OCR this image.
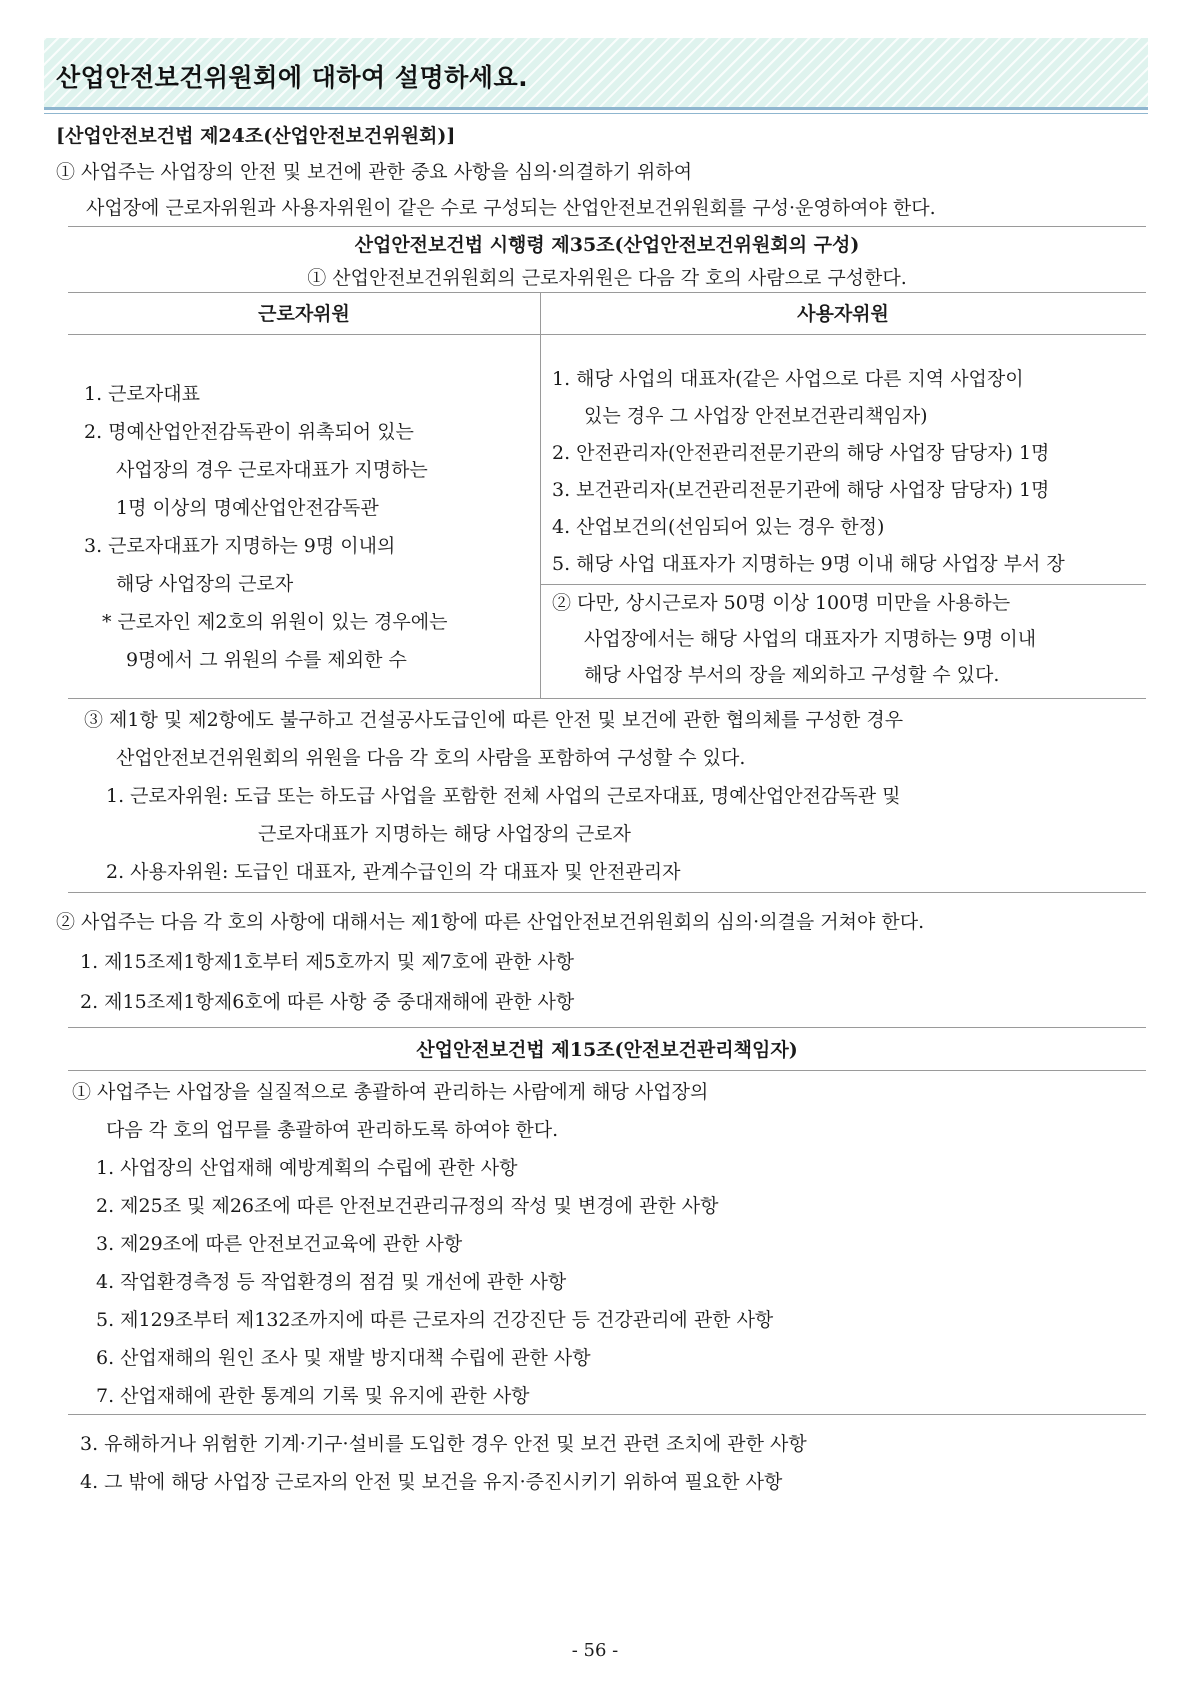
산업안전보건위원회에 대하여 설명하세요.
[산업안전보건법 제24조(산업안전보건위원회)]
① 사업주는 사업장의 안전 및 보건에 관한 중요 사항을 심의·의결하기 위하여
사업장에 근로자위원과 사용자위원이 같은 수로 구성되는 산업안전보건위원회를 구성·운영하여야 한다.
산업안전보건법 시행령 제35조(산업안전보건위원회의 구성)
① 산업안전보건위원회의 근로자위원은 다음 각 호의 사람으로 구성한다.
근로자위원	사용자위원
1. 근로자대표
2. 명예산업안전감독관이 위촉되어 있는
사업장의 경우 근로자대표가 지명하는
1명 이상의 명예산업안전감독관
3. 근로자대표가 지명하는 9명 이내의
해당 사업장의 근로자
* 근로자인 제2호의 위원이 있는 경우에는
9명에서 그 위원의 수를 제외한 수
1. 해당 사업의 대표자(같은 사업으로 다른 지역 사업장이
있는 경우 그 사업장 안전보건관리책임자)
2. 안전관리자(안전관리전문기관의 해당 사업장 담당자) 1명
3. 보건관리자(보건관리전문기관에 해당 사업장 담당자) 1명
4. 산업보건의(선임되어 있는 경우 한정)
5. 해당 사업 대표자가 지명하는 9명 이내 해당 사업장 부서 장
② 다만, 상시근로자 50명 이상 100명 미만을 사용하는
사업장에서는 해당 사업의 대표자가 지명하는 9명 이내
해당 사업장 부서의 장을 제외하고 구성할 수 있다.
③ 제1항 및 제2항에도 불구하고 건설공사도급인에 따른 안전 및 보건에 관한 협의체를 구성한 경우
산업안전보건위원회의 위원을 다음 각 호의 사람을 포함하여 구성할 수 있다.
1. 근로자위원: 도급 또는 하도급 사업을 포함한 전체 사업의 근로자대표, 명예산업안전감독관 및
근로자대표가 지명하는 해당 사업장의 근로자
2. 사용자위원: 도급인 대표자, 관계수급인의 각 대표자 및 안전관리자
② 사업주는 다음 각 호의 사항에 대해서는 제1항에 따른 산업안전보건위원회의 심의·의결을 거쳐야 한다.
1. 제15조제1항제1호부터 제5호까지 및 제7호에 관한 사항
2. 제15조제1항제6호에 따른 사항 중 중대재해에 관한 사항
산업안전보건법 제15조(안전보건관리책임자)
① 사업주는 사업장을 실질적으로 총괄하여 관리하는 사람에게 해당 사업장의
다음 각 호의 업무를 총괄하여 관리하도록 하여야 한다.
1. 사업장의 산업재해 예방계획의 수립에 관한 사항
2. 제25조 및 제26조에 따른 안전보건관리규정의 작성 및 변경에 관한 사항
3. 제29조에 따른 안전보건교육에 관한 사항
4. 작업환경측정 등 작업환경의 점검 및 개선에 관한 사항
5. 제129조부터 제132조까지에 따른 근로자의 건강진단 등 건강관리에 관한 사항
6. 산업재해의 원인 조사 및 재발 방지대책 수립에 관한 사항
7. 산업재해에 관한 통계의 기록 및 유지에 관한 사항
3. 유해하거나 위험한 기계·기구·설비를 도입한 경우 안전 및 보건 관련 조치에 관한 사항
4. 그 밖에 해당 사업장 근로자의 안전 및 보건을 유지·증진시키기 위하여 필요한 사항
- 56 -
